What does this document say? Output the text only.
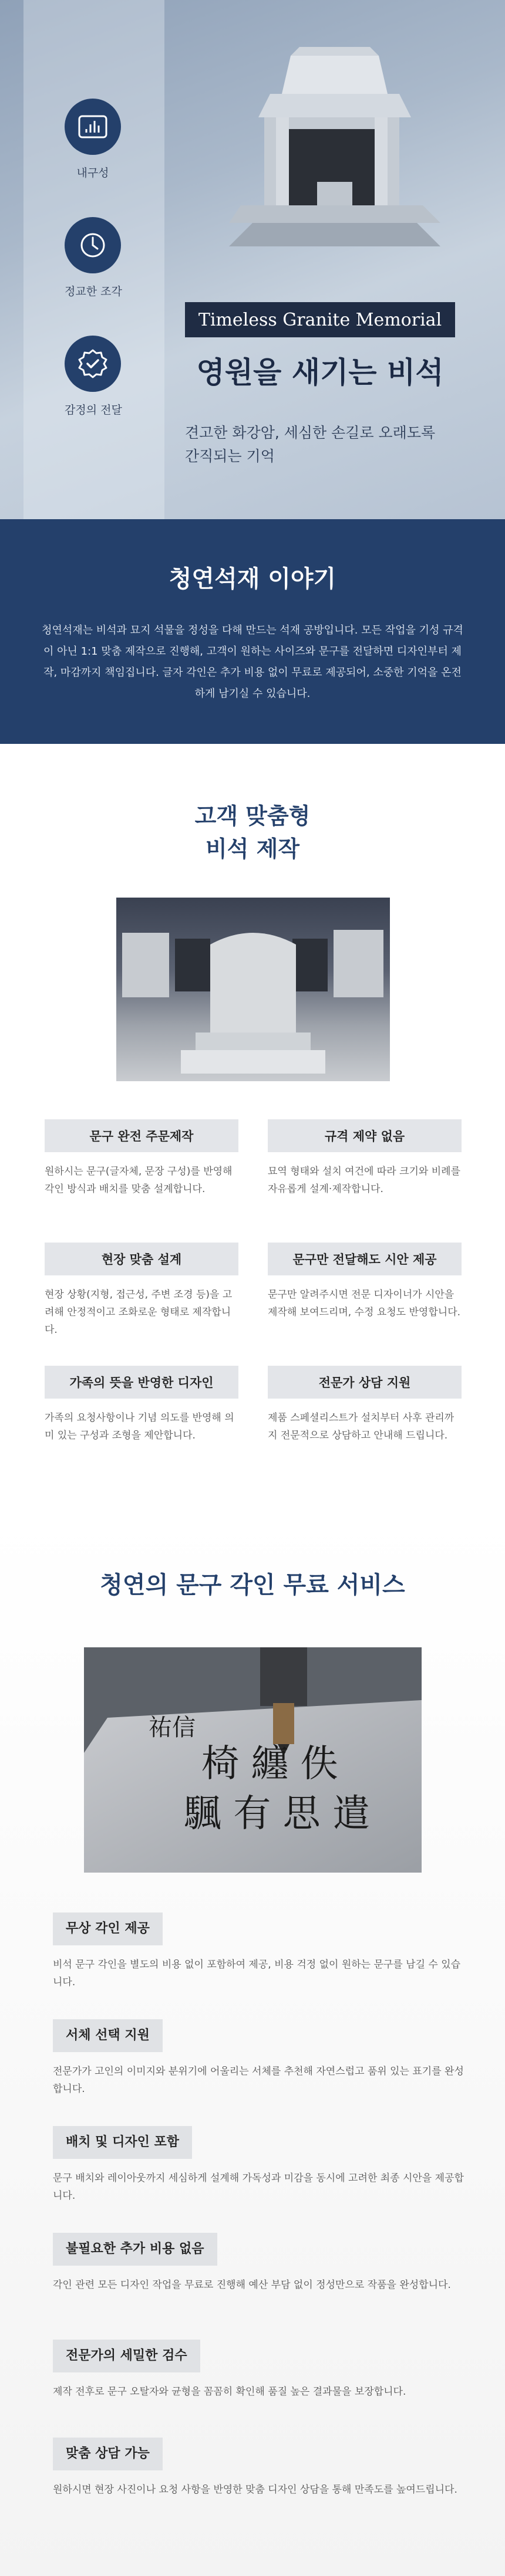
내구성
정교한 조각
감정의 전달
Timeless Granite Memorial
영원을 새기는 비석
견고한 화강암, 세심한 손길로 오래도록
간직되는 기억
청연석재 이야기
청연석재는 비석과 묘지 석물을 정성을 다해 만드는 석재 공방입니다. 모든 작업을 기성 규격이 아닌 1:1 맞춤 제작으로 진행해, 고객이 원하는 사이즈와 문구를 전달하면 디자인부터 제작, 마감까지 책임집니다. 글자 각인은 추가 비용 없이 무료로 제공되어, 소중한 기억을 온전하게 남기실 수 있습니다.
고객 맞춤형
비석 제작
문구 완전 주문제작
원하시는 문구(글자체, 문장 구성)를 반영해 각인 방식과 배치를 맞춤 설계합니다.
규격 제약 없음
묘역 형태와 설치 여건에 따라 크기와 비례를 자유롭게 설계·제작합니다.
현장 맞춤 설계
현장 상황(지형, 접근성, 주변 조경 등)을 고려해 안정적이고 조화로운 형태로 제작합니다.
문구만 전달해도 시안 제공
문구만 알려주시면 전문 디자이너가 시안을 제작해 보여드리며, 수정 요청도 반영합니다.
가족의 뜻을 반영한 디자인
가족의 요청사항이나 기념 의도를 반영해 의미 있는 구성과 조형을 제안합니다.
전문가 상담 지원
제품 스페셜리스트가 설치부터 사후 관리까지 전문적으로 상담하고 안내해 드립니다.
청연의 문구 각인 무료 서비스
祐信
椅 纏 佚
颿 有 思 遣
무상 각인 제공
비석 문구 각인을 별도의 비용 없이 포함하여 제공, 비용 걱정 없이 원하는 문구를 남길 수 있습니다.
서체 선택 지원
전문가가 고인의 이미지와 분위기에 어울리는 서체를 추천해 자연스럽고 품위 있는 표기를 완성합니다.
배치 및 디자인 포함
문구 배치와 레이아웃까지 세심하게 설계해 가독성과 미감을 동시에 고려한 최종 시안을 제공합니다.
불필요한 추가 비용 없음
각인 관련 모든 디자인 작업을 무료로 진행해 예산 부담 없이 정성만으로 작품을 완성합니다.
전문가의 세밀한 검수
제작 전후로 문구 오탈자와 균형을 꼼꼼히 확인해 품질 높은 결과물을 보장합니다.
맞춤 상담 가능
원하시면 현장 사진이나 요청 사항을 반영한 맞춤 디자인 상담을 통해 만족도를 높여드립니다.
